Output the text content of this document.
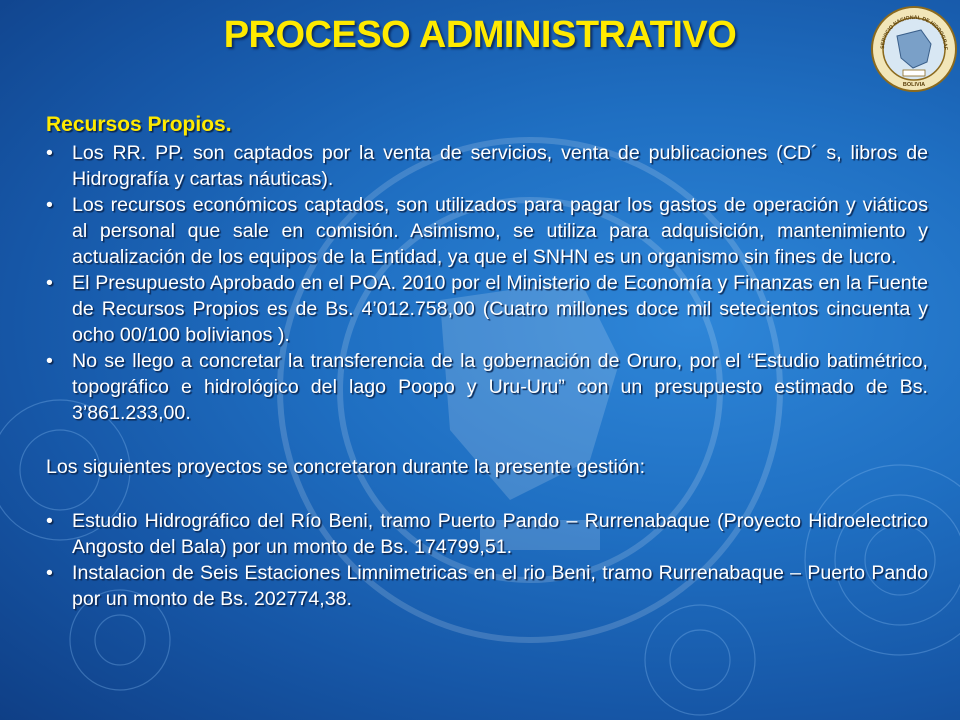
PROCESO ADMINISTRATIVO	SERVICIO NACIONAL DE HIDROGRAF
BOLIVIA
Recursos Propios.
• Los RR. PP. son captados por la venta de servicios, venta de publicaciones (CD´ s, libros de Hidrografía y cartas náuticas).
• Los recursos económicos captados, son utilizados para pagar los gastos de operación y viáticos al personal que sale en comisión. Asimismo, se utiliza para adquisición, mantenimiento y actualización de los equipos de la Entidad, ya que el SNHN es un organismo sin fines de lucro.
• El Presupuesto Aprobado en el POA. 2010 por el Ministerio de Economía y Finanzas en la Fuente de Recursos Propios es de Bs. 4’012.758,00 (Cuatro millones doce mil setecientos cincuenta y ocho 00/100 bolivianos ).
• No se llego a concretar la transferencia de la gobernación de Oruro, por el “Estudio batimétrico, topográfico e hidrológico del lago Poopo y Uru-Uru” con un presupuesto estimado de Bs. 3’861.233,00.
Los siguientes proyectos se concretaron durante la presente gestión:
• Estudio Hidrográfico del Río Beni, tramo Puerto Pando – Rurrenabaque (Proyecto Hidroelectrico Angosto del Bala) por un monto de Bs. 174799,51.
• Instalacion de Seis Estaciones Limnimetricas en el rio Beni, tramo Rurrenabaque – Puerto Pando por un monto de Bs. 202774,38.
